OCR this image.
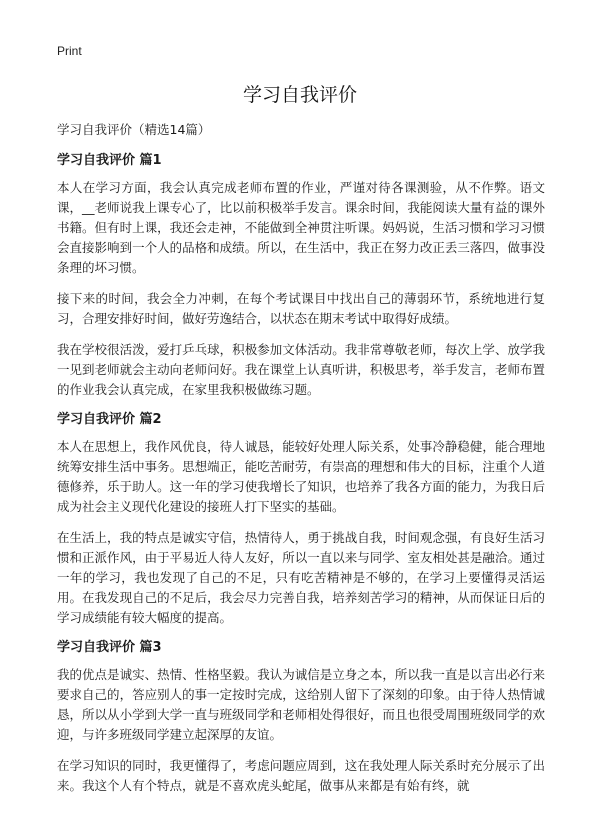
Print
学习自我评价
学习自我评价（精选14篇）
学习自我评价 篇1

本人在学习方面，我会认真完成老师布置的作业，严谨对待各课测验，从不作弊。语文课，__老师说我上课专心了，比以前积极举手发言。课余时间，我能阅读大量有益的课外书籍。但有时上课，我还会走神，不能做到全神贯注听课。妈妈说，生活习惯和学习习惯会直接影响到一个人的品格和成绩。所以，在生活中，我正在努力改正丢三落四，做事没条理的坏习惯。

接下来的时间，我会全力冲刺，在每个考试课目中找出自己的薄弱环节，系统地进行复习，合理安排好时间，做好劳逸结合，以状态在期末考试中取得好成绩。

我在学校很活泼，爱打乒乓球，积极参加文体活动。我非常尊敬老师，每次上学、放学我一见到老师就会主动向老师问好。我在课堂上认真听讲，积极思考，举手发言，老师布置的作业我会认真完成，在家里我积极做练习题。

学习自我评价 篇2

本人在思想上，我作风优良，待人诚恳，能较好处理人际关系，处事冷静稳健，能合理地统筹安排生活中事务。思想端正，能吃苦耐劳，有崇高的理想和伟大的目标，注重个人道德修养，乐于助人。这一年的学习使我增长了知识，也培养了我各方面的能力，为我日后成为社会主义现代化建设的接班人打下坚实的基础。

在生活上，我的特点是诚实守信，热情待人，勇于挑战自我，时间观念强，有良好生活习惯和正派作风，由于平易近人待人友好，所以一直以来与同学、室友相处甚是融洽。通过一年的学习，我也发现了自己的不足，只有吃苦精神是不够的，在学习上要懂得灵活运用。在我发现自己的不足后，我会尽力完善自我，培养刻苦学习的精神，从而保证日后的学习成绩能有较大幅度的提高。

学习自我评价 篇3

我的优点是诚实、热情、性格坚毅。我认为诚信是立身之本，所以我一直是以言出必行来要求自己的，答应别人的事一定按时完成，这给别人留下了深刻的印象。由于待人热情诚恳，所以从小学到大学一直与班级同学和老师相处得很好，而且也很受周围班级同学的欢迎，与许多班级同学建立起深厚的友谊。

在学习知识的同时，我更懂得了，考虑问题应周到，这在我处理人际关系时充分展示了出来。我这个人有个特点，就是不喜欢虎头蛇尾，做事从来都是有始有终，就
